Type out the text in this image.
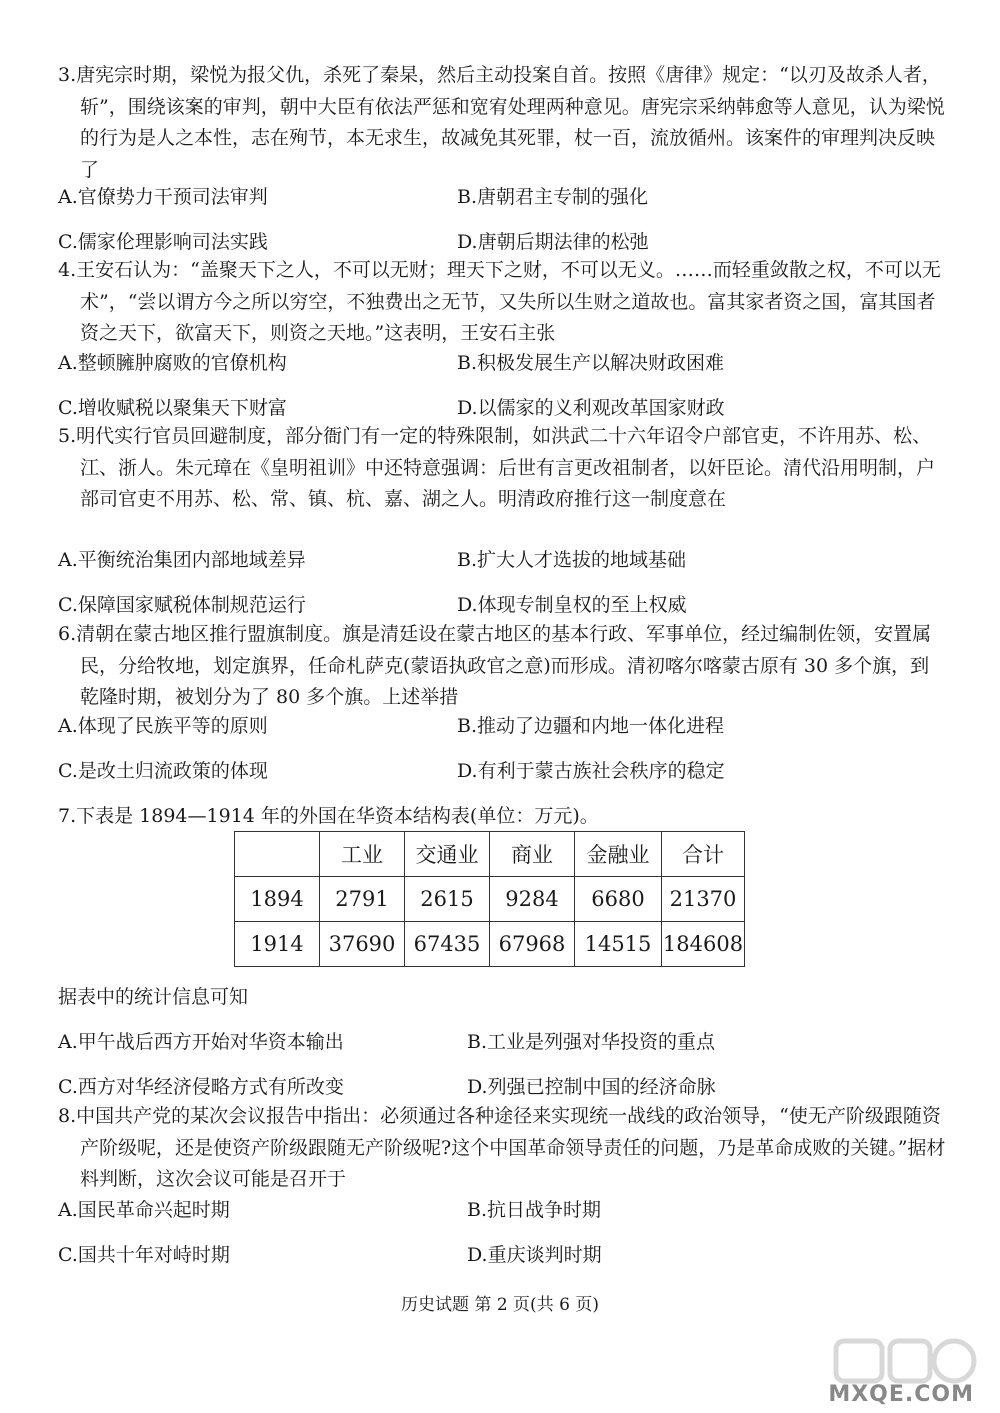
3.唐宪宗时期，梁悦为报父仇，杀死了秦杲，然后主动投案自首。按照《唐律》规定：“以刃及故杀人者，斩”，围绕该案的审判，朝中大臣有依法严惩和宽宥处理两种意见。唐宪宗采纳韩愈等人意见，认为梁悦的行为是人之本性，志在殉节，本无求生，故减免其死罪，杖一百，流放循州。该案件的审理判决反映了

A.官僚势力干预司法审判	B.唐朝君主专制的强化
C.儒家伦理影响司法实践	D.唐朝后期法律的松弛

4.王安石认为：“盖聚天下之人，不可以无财；理天下之财，不可以无义。……而轻重敛散之权，不可以无术”，“尝以谓方今之所以穷空，不独费出之无节，又失所以生财之道故也。富其家者资之国，富其国者资之天下，欲富天下，则资之天地。”这表明，王安石主张

A.整顿臃肿腐败的官僚机构	B.积极发展生产以解决财政困难
C.增收赋税以聚集天下财富	D.以儒家的义利观改革国家财政

5.明代实行官员回避制度，部分衙门有一定的特殊限制，如洪武二十六年诏令户部官吏，不许用苏、松、江、浙人。朱元璋在《皇明祖训》中还特意强调：后世有言更改祖制者，以奸臣论。清代沿用明制，户部司官吏不用苏、松、常、镇、杭、嘉、湖之人。明清政府推行这一制度意在

A.平衡统治集团内部地域差异	B.扩大人才选拔的地域基础
C.保障国家赋税体制规范运行	D.体现专制皇权的至上权威

6.清朝在蒙古地区推行盟旗制度。旗是清廷设在蒙古地区的基本行政、军事单位，经过编制佐领，安置属民，分给牧地，划定旗界，任命札萨克(蒙语执政官之意)而形成。清初喀尔喀蒙古原有 30 多个旗，到乾隆时期，被划分为了 80 多个旗。上述举措

A.体现了民族平等的原则	B.推动了边疆和内地一体化进程
C.是改土归流政策的体现	D.有利于蒙古族社会秩序的稳定
7.下表是 1894—1914 年的外国在华资本结构表(单位：万元)。
	工业	交通业	商业	金融业	合计
1894	2791	2615	9284	6680	21370
1914	37690	67435	67968	14515	184608
据表中的统计信息可知
A.甲午战后西方开始对华资本输出	B.工业是列强对华投资的重点
C.西方对华经济侵略方式有所改变	D.列强已控制中国的经济命脉

8.中国共产党的某次会议报告中指出：必须通过各种途径来实现统一战线的政治领导，“使无产阶级跟随资产阶级呢，还是使资产阶级跟随无产阶级呢?这个中国革命领导责任的问题，乃是革命成败的关键。”据材料判断，这次会议可能是召开于

A.国民革命兴起时期	B.抗日战争时期
C.国共十年对峙时期	D.重庆谈判时期
历史试题 第 2 页(共 6 页)
MXQE.COM
